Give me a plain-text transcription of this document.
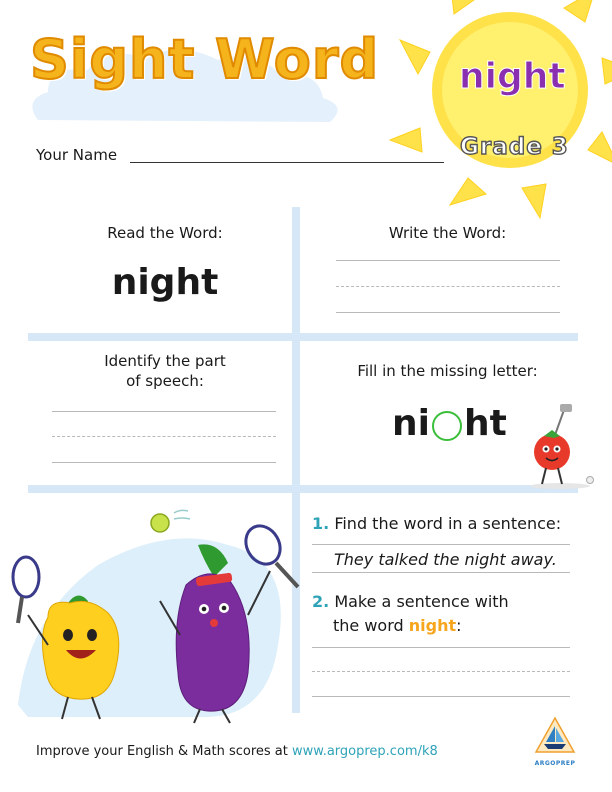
Sight Word night
Grade 3
Your Name
Read the Word:
night
Write the Word:
Identify the part
of speech:
Fill in the missing letter:
ni ht
1. Find the word in a sentence:
They talked the night away.
2. Make a sentence with
the word night:
Improve your English & Math scores at www.argoprep.com/k8
ARGOPREP
